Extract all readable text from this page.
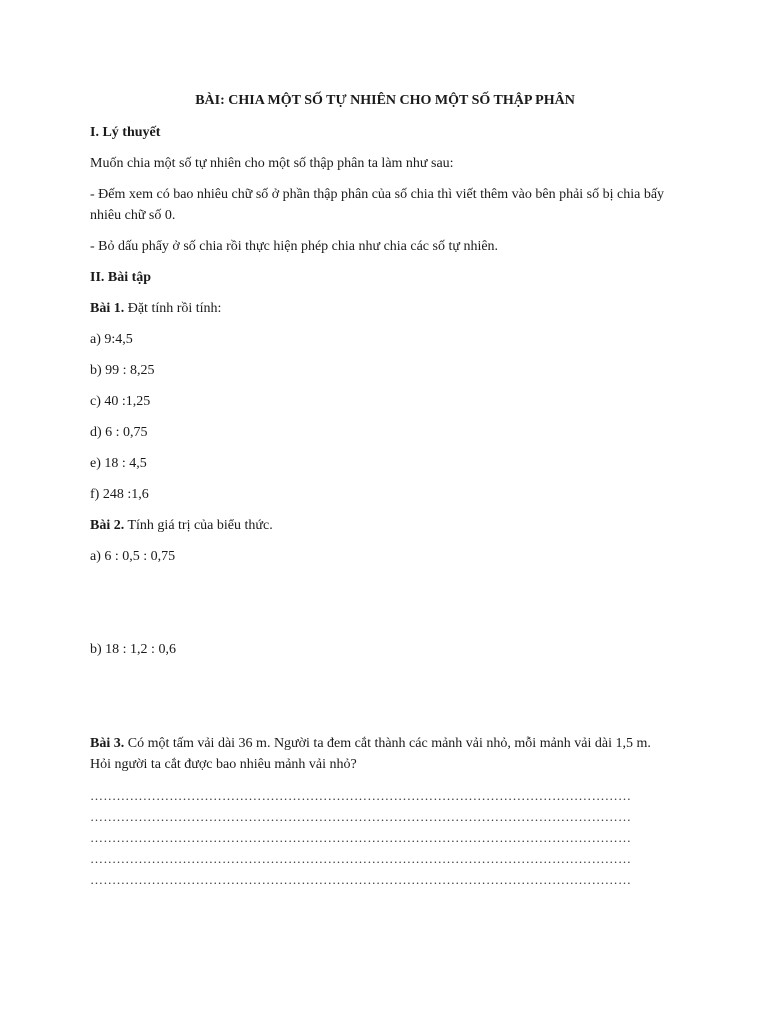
BÀI: CHIA MỘT SỐ TỰ NHIÊN CHO MỘT SỐ THẬP PHÂN
I. Lý thuyết
Muốn chia một số tự nhiên cho một số thập phân ta làm như sau:
- Đếm xem có bao nhiêu chữ số ở phần thập phân của số chia thì viết thêm vào bên phải số bị chia bấy nhiêu chữ số 0.
- Bỏ dấu phẩy ở số chia rồi thực hiện phép chia như chia các số tự nhiên.
II. Bài tập
Bài 1. Đặt tính rồi tính:
a) 9:4,5
b) 99 : 8,25
c) 40 :1,25
d) 6 : 0,75
e) 18 : 4,5
f) 248 :1,6
Bài 2. Tính giá trị của biểu thức.
a) 6 : 0,5 : 0,75
b) 18 : 1,2 : 0,6
Bài 3. Có một tấm vải dài 36 m. Người ta đem cắt thành các mảnh vải nhỏ, mỗi mảnh vải dài 1,5 m. Hỏi người ta cắt được bao nhiêu mảnh vải nhỏ?
……………………………………………………………………………………………………………
……………………………………………………………………………………………………………
……………………………………………………………………………………………………………
……………………………………………………………………………………………………………
……………………………………………………………………………………………………………
